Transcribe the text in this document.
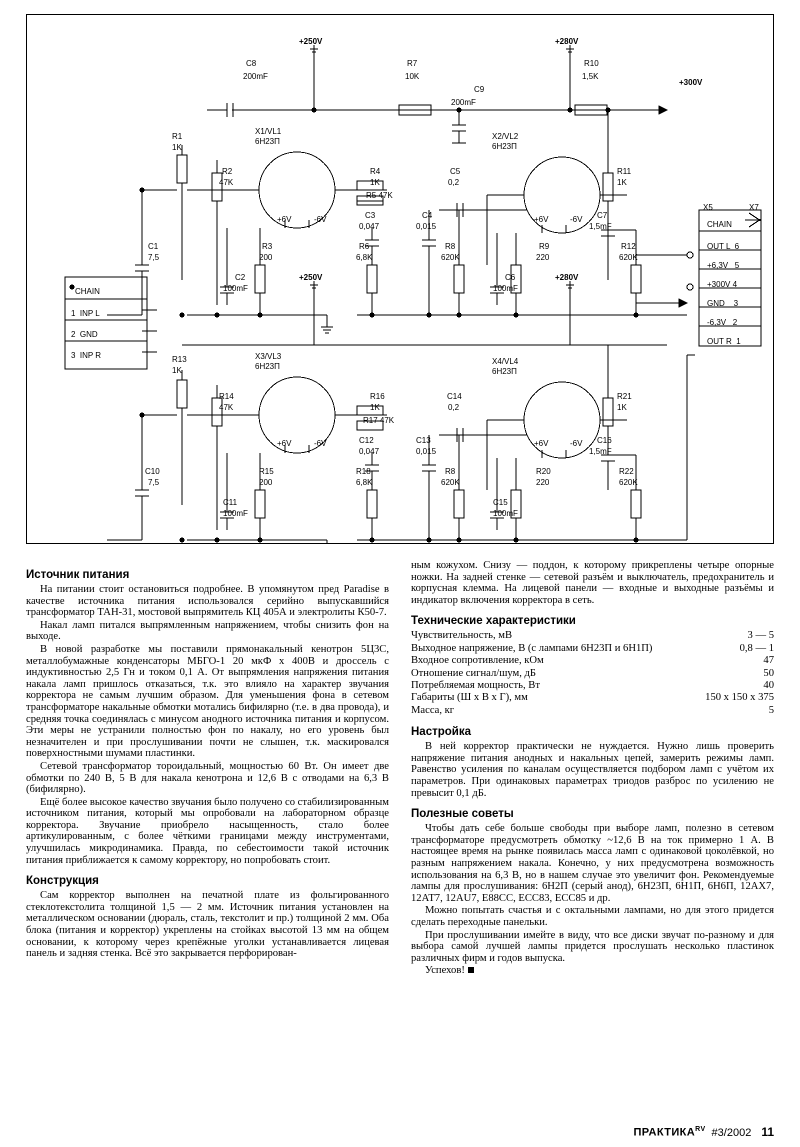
+250V	+280V
+300V
C8
200mF
R7
10K
C9
200mF
R10
1,5K
R1
1K
X1/VL1
6Н23П
X2/VL2
6Н23П
R2
47K
R4
1K
R5 47K
C5
0,2
R11
1K
C7
1,5mF
+6V	-6V	+6V	-6V
C3
0,047
C4
0,015
C1
7,5
R3
200
R6
6,8K
R8
620K
R9
220
R12
620K
C2
100mF
C6
100mF
X5	X7
CHAIN
OUT L  6
+6,3V   5
+300V 4
GND    3
-6,3V   2
OUT R  1
CHAIN
1  INP L
2  GND
3  INP R
+250V	+280V
R13
1K
X3/VL3
6Н23П
X4/VL4
6Н23П
R14
47K
R16
1K
R17 47K
C14
0,2
R21
1K
C16
1,5mF
+6V	-6V	+6V	-6V
C12
0,047
C13
0,015
C10
7,5
R15
200
R18
6,8K
R8
620K
R20
220
R22
620K
C11
100mF
C15
100mF
Источник питания

На питании стоит остановиться подробнее. В упомянутом пред Paradise в качестве источника питания использовался серийно выпускавшийся трансформатор ТАН-31, мостовой выпрямитель КЦ 405А и электролиты К50-7.

Накал ламп питался выпрямленным напряжением, чтобы снизить фон на выходе.

В новой разработке мы поставили прямонакальный кенотрон 5Ц3С, металлобумажные конденсаторы МБГО-1 20 мкФ х 400В и дроссель с индуктивностью 2,5 Гн и током 0,1 А. От выпрямления напряжения питания накала ламп пришлось отказаться, т.к. это влияло на характер звучания корректора не самым лучшим образом. Для уменьшения фона в сетевом трансформаторе накальные обмотки мотались бифилярно (т.е. в два провода), и средняя точка соединялась с минусом анодного источника питания и корпусом. Эти меры не устранили полностью фон по накалу, но его уровень был незначителен и при прослушивании почти не слышен, т.к. маскировался поверхностными шумами пластинки.

Сетевой трансформатор тороидальный, мощностью 60 Вт. Он имеет две обмотки по 240 В, 5 В для накала кенотрона и 12,6 В с отводами на 6,3 В (бифилярно).

Ещё более высокое качество звучания было получено со стабилизированным источником питания, который мы опробовали на лабораторном образце корректора. Звучание приобрело насыщенность, стало более артикулированным, с более чёткими границами между инструментами, улучшилась микродинамика. Правда, по себестоимости такой источник питания приближается к самому корректору, но попробовать стоит.

Конструкция

Сам корректор выполнен на печатной плате из фольгированного стеклотекстолита толщиной 1,5 — 2 мм. Источник питания установлен на металлическом основании (дюраль, сталь, текстолит и пр.) толщиной 2 мм. Оба блока (питания и корректор) укреплены на стойках высотой 13 мм на общем основании, к которому через крепёжные уголки устанавливается лицевая панель и задняя стенка. Всё это закрывается перфорирован-

ным кожухом. Снизу — поддон, к которому прикреплены четыре опорные ножки. На задней стенке — сетевой разъём и выключатель, предохранитель и корпусная клемма. На лицевой панели — входные и выходные разъёмы и индикатор включения корректора в сеть.

Технические характеристики
Чувствительность, мВ	3 — 5
Выходное напряжение, В (с лампами 6Н23П и 6Н1П)	0,8 — 1
Входное сопротивление, кОм	47
Отношение сигнал/шум, дБ	50
Потребляемая мощность, Вт	40
Габариты (Ш х В х Г), мм	150 х 150 х 375
Масса, кг	5
Настройка

В ней корректор практически не нуждается. Нужно лишь проверить напряжение питания анодных и накальных цепей, замерить режимы ламп. Равенство усиления по каналам осуществляется подбором ламп с учётом их параметров. При одинаковых параметрах триодов разброс по усилению не превысит 0,1 дБ.

Полезные советы

Чтобы дать себе больше свободы при выборе ламп, полезно в сетевом трансформаторе предусмотреть обмотку ~12,6 В на ток примерно 1 А. В настоящее время на рынке появилась масса ламп с одинаковой цоколёвкой, но разным напряжением накала. Конечно, у них предусмотрена возможность использования на 6,3 В, но в нашем случае это увеличит фон. Рекомендуемые лампы для прослушивания: 6Н2П (серый анод), 6Н23П, 6Н1П, 6Н6П, 12АХ7, 12АТ7, 12AU7, Е88СС, ЕСС83, ЕСС85 и др.

Можно попытать счастья и с октальными лампами, но для этого придется сделать переходные панельки.

При прослушивании имейте в виду, что все диски звучат по-разному и для выбора самой лучшей лампы придется прослушать несколько пластинок различных фирм и годов выпуска.

Успехов!

$ПРАКТИКА^{RV}$ #3/2002 11
